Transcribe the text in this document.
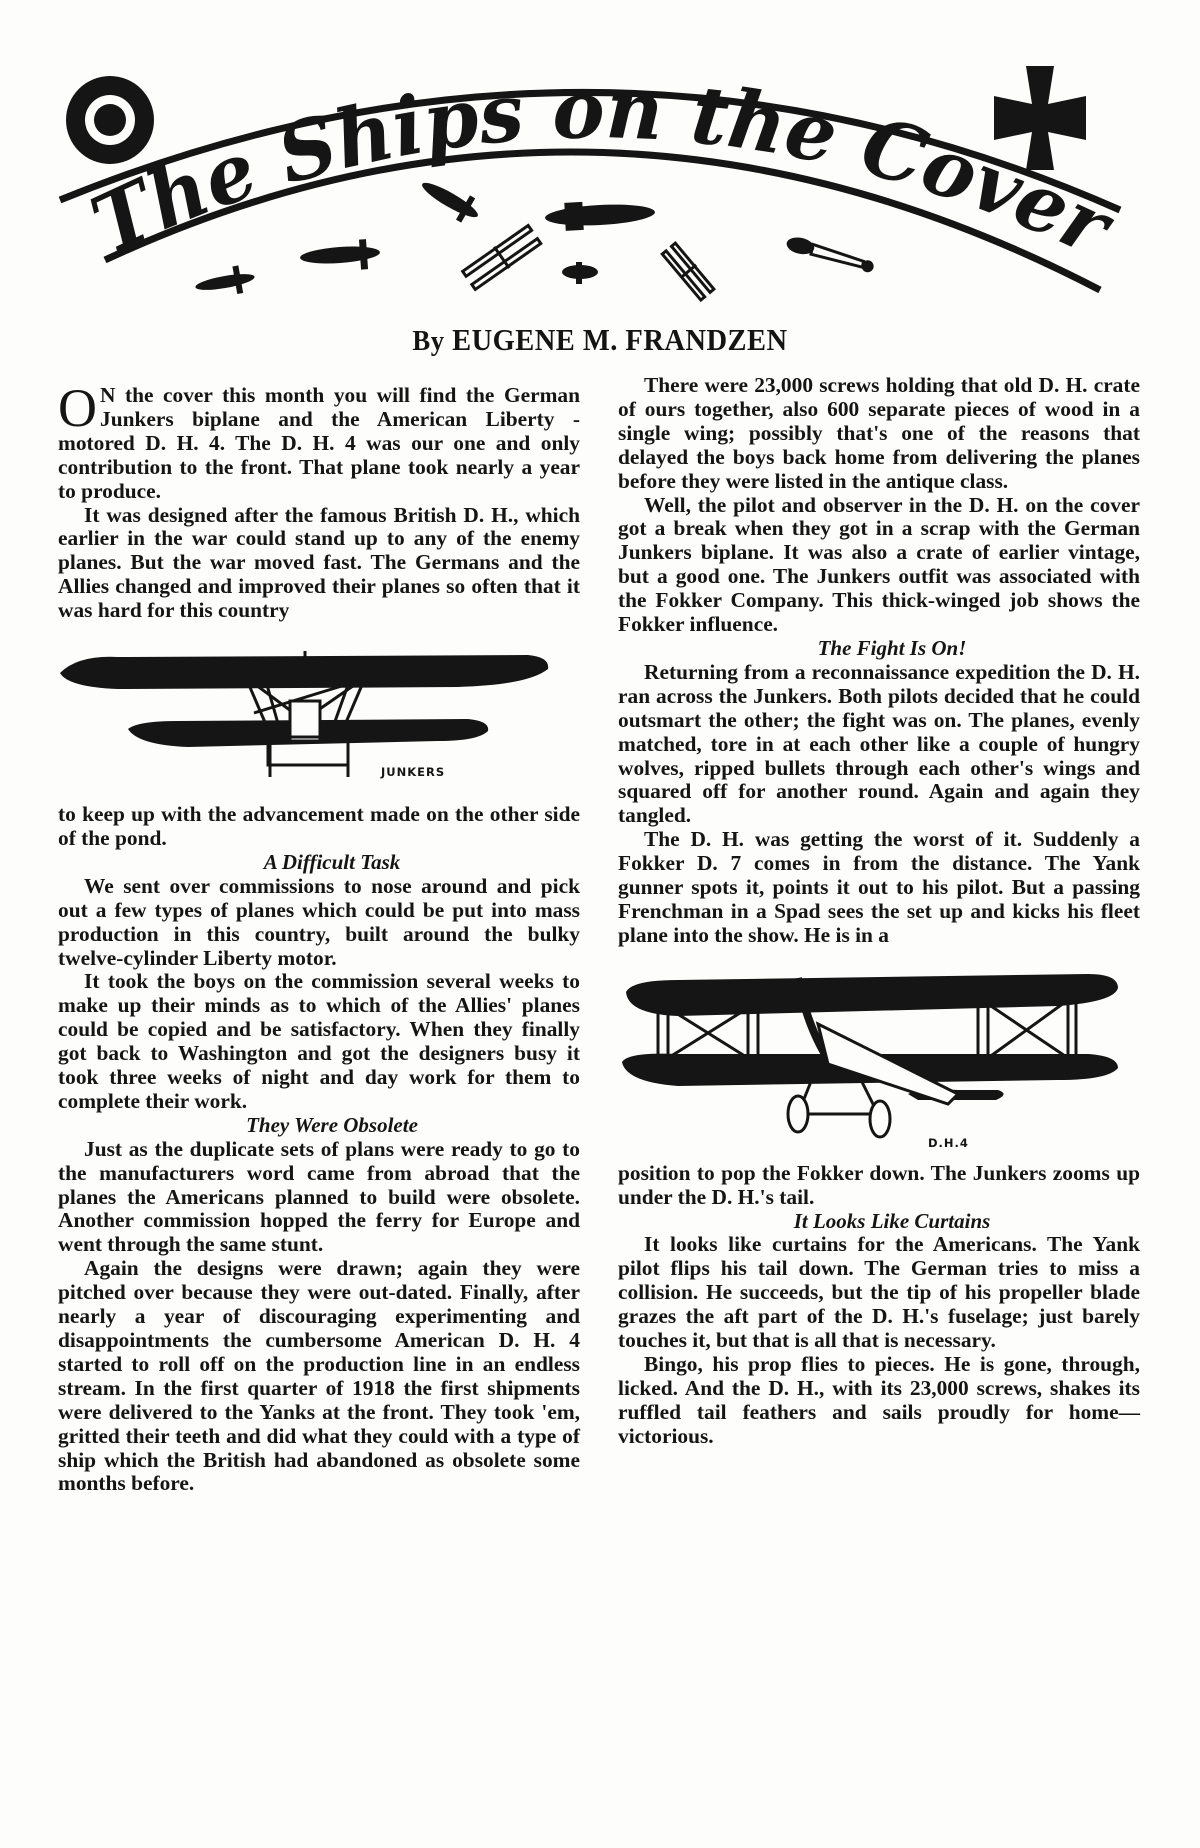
The Ships on the Cover
By EUGENE M. FRANDZEN

O N the cover this month you will find the German Junkers biplane and the American Liberty - motored D. H. 4. The D. H. 4 was our one and only contribution to the front. That plane took nearly a year to produce.

It was designed after the famous British D. H., which earlier in the war could stand up to any of the enemy planes. But the war moved fast. The Germans and the Allies changed and improved their planes so often that it was hard for this country

JUNKERS

to keep up with the advancement made on the other side of the pond.

A Difficult Task

We sent over commissions to nose around and pick out a few types of planes which could be put into mass production in this country, built around the bulky twelve-cylinder Liberty motor.

It took the boys on the commission several weeks to make up their minds as to which of the Allies' planes could be copied and be satisfactory. When they finally got back to Washington and got the designers busy it took three weeks of night and day work for them to complete their work.

They Were Obsolete

Just as the duplicate sets of plans were ready to go to the manufacturers word came from abroad that the planes the Americans planned to build were obsolete. Another commission hopped the ferry for Europe and went through the same stunt.

Again the designs were drawn; again they were pitched over because they were out-dated. Finally, after nearly a year of discouraging experimenting and disappointments the cumbersome American D. H. 4 started to roll off on the production line in an endless stream. In the first quarter of 1918 the first shipments were delivered to the Yanks at the front. They took 'em, gritted their teeth and did what they could with a type of ship which the British had abandoned as obsolete some months before.

There were 23,000 screws holding that old D. H. crate of ours together, also 600 separate pieces of wood in a single wing; possibly that's one of the reasons that delayed the boys back home from delivering the planes before they were listed in the antique class.

Well, the pilot and observer in the D. H. on the cover got a break when they got in a scrap with the German Junkers biplane. It was also a crate of earlier vintage, but a good one. The Junkers outfit was associated with the Fokker Company. This thick-winged job shows the Fokker influence.

The Fight Is On!

Returning from a reconnaissance expedition the D. H. ran across the Junkers. Both pilots decided that he could outsmart the other; the fight was on. The planes, evenly matched, tore in at each other like a couple of hungry wolves, ripped bullets through each other's wings and squared off for another round. Again and again they tangled.

The D. H. was getting the worst of it. Suddenly a Fokker D. 7 comes in from the distance. The Yank gunner spots it, points it out to his pilot. But a passing Frenchman in a Spad sees the set up and kicks his fleet plane into the show. He is in a

D.H.4

position to pop the Fokker down. The Junkers zooms up under the D. H.'s tail.

It Looks Like Curtains

It looks like curtains for the Americans. The Yank pilot flips his tail down. The German tries to miss a collision. He succeeds, but the tip of his propeller blade grazes the aft part of the D. H.'s fuselage; just barely touches it, but that is all that is necessary.

Bingo, his prop flies to pieces. He is gone, through, licked. And the D. H., with its 23,000 screws, shakes its ruffled tail feathers and sails proudly for home— victorious.
